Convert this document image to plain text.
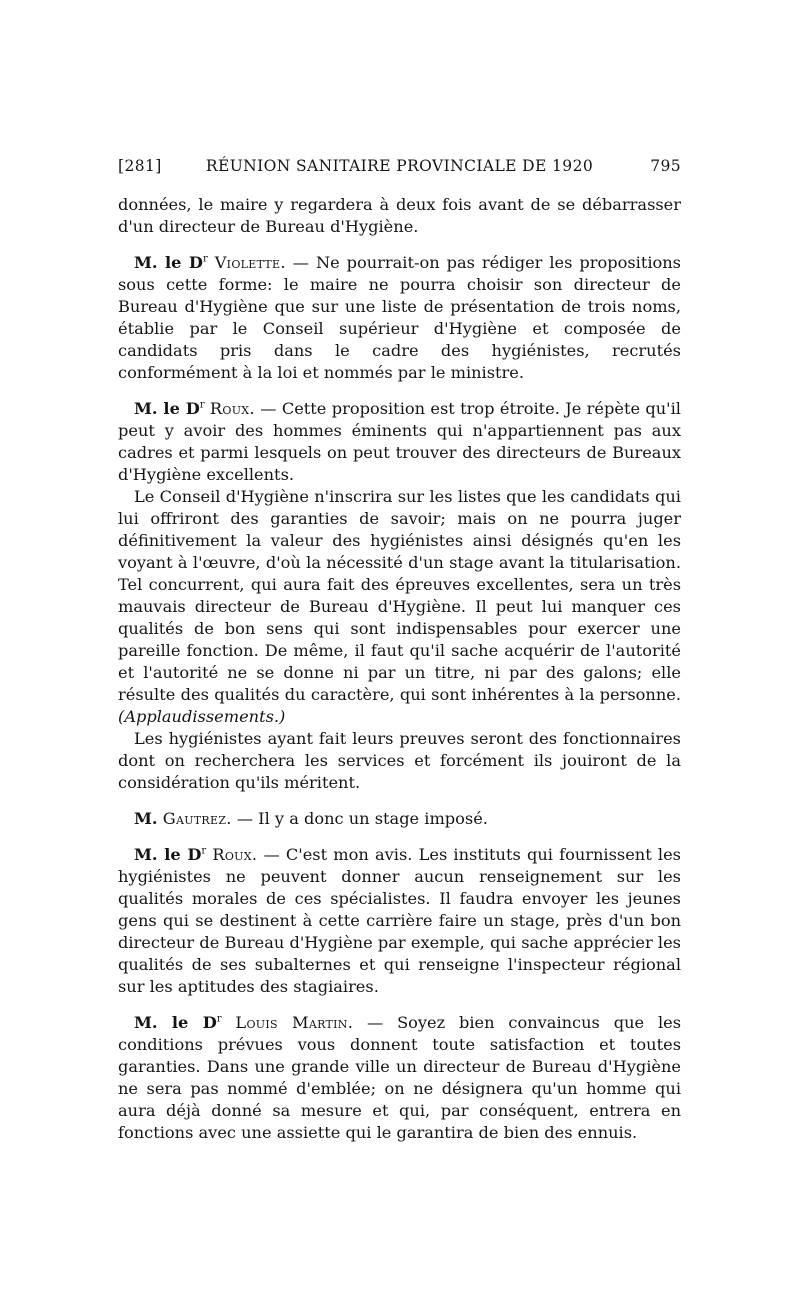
[281]	RÉUNION SANITAIRE PROVINCIALE DE 1920	795

données, le maire y regardera à deux fois avant de se débarrasser d'un directeur de Bureau d'Hygiène.

M. le $D^r$ Violette. — Ne pourrait-on pas rédiger les propositions sous cette forme: le maire ne pourra choisir son directeur de Bureau d'Hygiène que sur une liste de présentation de trois noms, établie par le Conseil supérieur d'Hygiène et composée de candidats pris dans le cadre des hygiénistes, recrutés conformément à la loi et nommés par le ministre.

M. le $D^r$ Roux. — Cette proposition est trop étroite. Je répète qu'il peut y avoir des hommes éminents qui n'appartiennent pas aux cadres et parmi lesquels on peut trouver des directeurs de Bureaux d'Hygiène excellents.

Le Conseil d'Hygiène n'inscrira sur les listes que les candidats qui lui offriront des garanties de savoir; mais on ne pourra juger définitivement la valeur des hygiénistes ainsi désignés qu'en les voyant à l'œuvre, d'où la nécessité d'un stage avant la titularisation. Tel concurrent, qui aura fait des épreuves excellentes, sera un très mauvais directeur de Bureau d'Hygiène. Il peut lui manquer ces qualités de bon sens qui sont indispensables pour exercer une pareille fonction. De même, il faut qu'il sache acquérir de l'autorité et l'autorité ne se donne ni par un titre, ni par des galons; elle résulte des qualités du caractère, qui sont inhérentes à la personne. (Applaudissements.)

Les hygiénistes ayant fait leurs preuves seront des fonctionnaires dont on recherchera les services et forcément ils jouiront de la considération qu'ils méritent.

M. Gautrez. — Il y a donc un stage imposé.

M. le $D^r$ Roux. — C'est mon avis. Les instituts qui fournissent les hygiénistes ne peuvent donner aucun renseignement sur les qualités morales de ces spécialistes. Il faudra envoyer les jeunes gens qui se destinent à cette carrière faire un stage, près d'un bon directeur de Bureau d'Hygiène par exemple, qui sache apprécier les qualités de ses subalternes et qui renseigne l'inspecteur régional sur les aptitudes des stagiaires.

M. le $D^r$ Louis Martin. — Soyez bien convaincus que les conditions prévues vous donnent toute satisfaction et toutes garanties. Dans une grande ville un directeur de Bureau d'Hygiène ne sera pas nommé d'emblée; on ne désignera qu'un homme qui aura déjà donné sa mesure et qui, par conséquent, entrera en fonctions avec une assiette qui le garantira de bien des ennuis.
